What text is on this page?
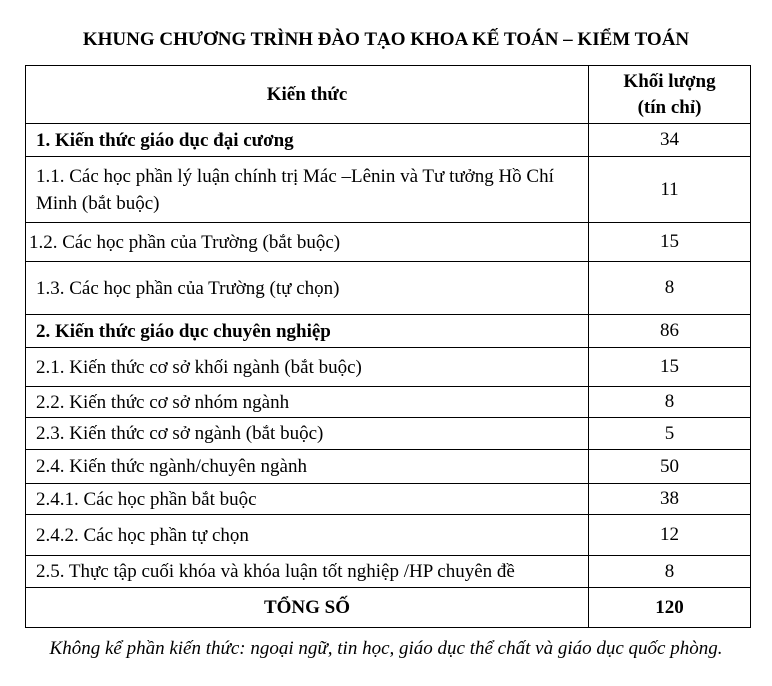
KHUNG CHƯƠNG TRÌNH ĐÀO TẠO KHOA KẾ TOÁN – KIỂM TOÁN
Kiến thức	Khối lượng
(tín chỉ)

1. Kiến thức giáo dục đại cương	34
1.1. Các học phần lý luận chính trị Mác –Lênin và Tư tưởng Hồ Chí Minh (bắt buộc)	11
1.2. Các học phần của Trường (bắt buộc)	15
1.3. Các học phần của Trường (tự chọn)	8
2. Kiến thức giáo dục chuyên nghiệp	86
2.1. Kiến thức cơ sở khối ngành (bắt buộc)	15
2.2. Kiến thức cơ sở nhóm ngành	8
2.3. Kiến thức cơ sở ngành (bắt buộc)	5
2.4. Kiến thức ngành/chuyên ngành	50
2.4.1. Các học phần bắt buộc	38
2.4.2. Các học phần tự chọn	12
2.5. Thực tập cuối khóa và khóa luận tốt nghiệp /HP chuyên đề	8
TỔNG SỐ	120
Không kể phần kiến thức: ngoại ngữ, tin học, giáo dục thể chất và giáo dục quốc phòng.
